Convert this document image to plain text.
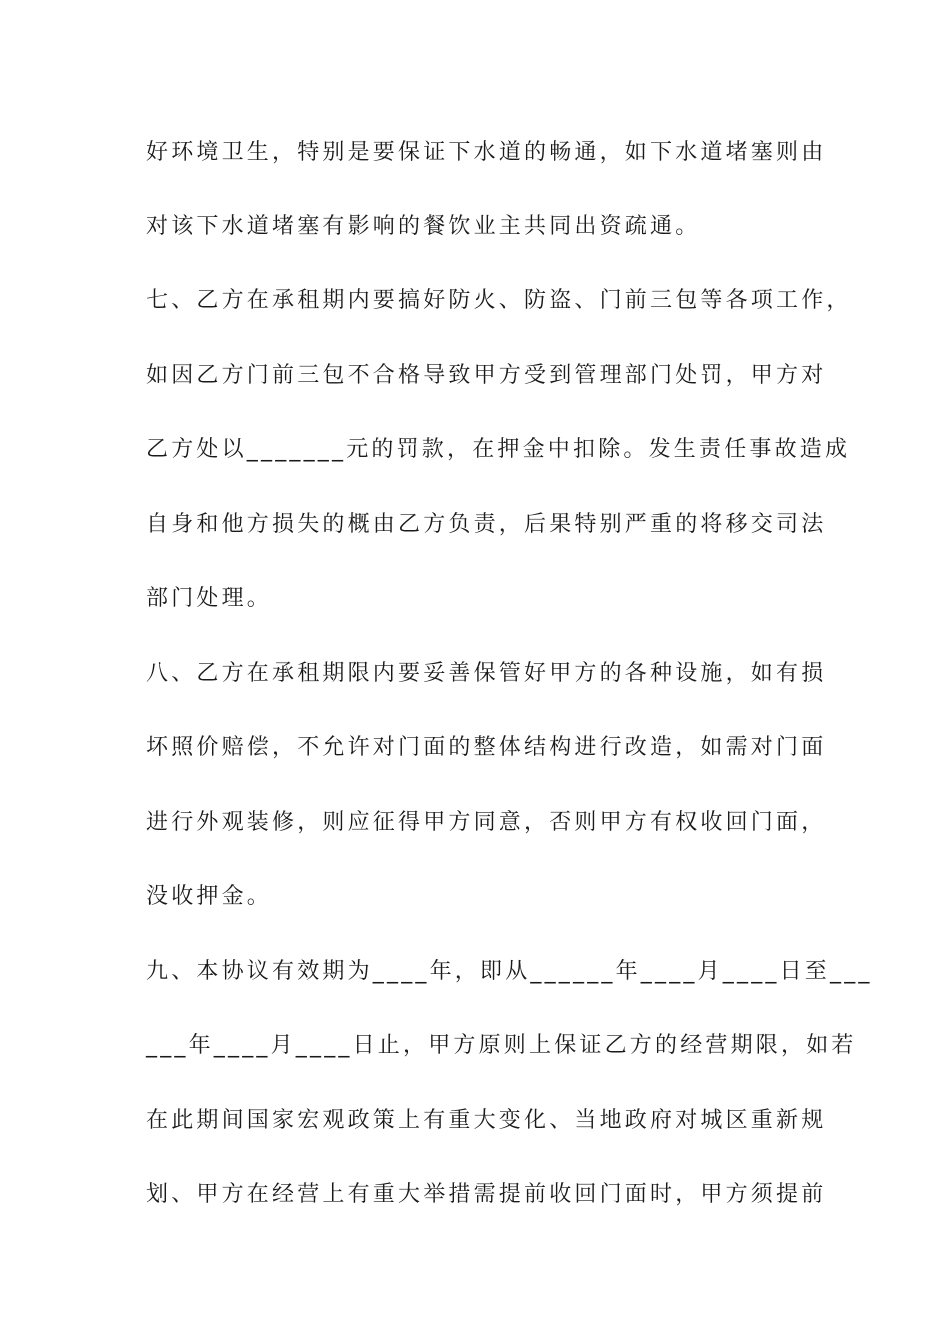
好环境卫生，特别是要保证下水道的畅通，如下水道堵塞则由
对该下水道堵塞有影响的餐饮业主共同出资疏通。
七、乙方在承租期内要搞好防火、防盗、门前三包等各项工作，
如因乙方门前三包不合格导致甲方受到管理部门处罚，甲方对
乙方处以_______元的罚款，在押金中扣除。发生责任事故造成
自身和他方损失的概由乙方负责，后果特别严重的将移交司法
部门处理。
八、乙方在承租期限内要妥善保管好甲方的各种设施，如有损
坏照价赔偿，不允许对门面的整体结构进行改造，如需对门面
进行外观装修，则应征得甲方同意，否则甲方有权收回门面，
没收押金。
九、本协议有效期为____年，即从______年____月____日至___
___年____月____日止，甲方原则上保证乙方的经营期限，如若
在此期间国家宏观政策上有重大变化、当地政府对城区重新规
划、甲方在经营上有重大举措需提前收回门面时，甲方须提前
